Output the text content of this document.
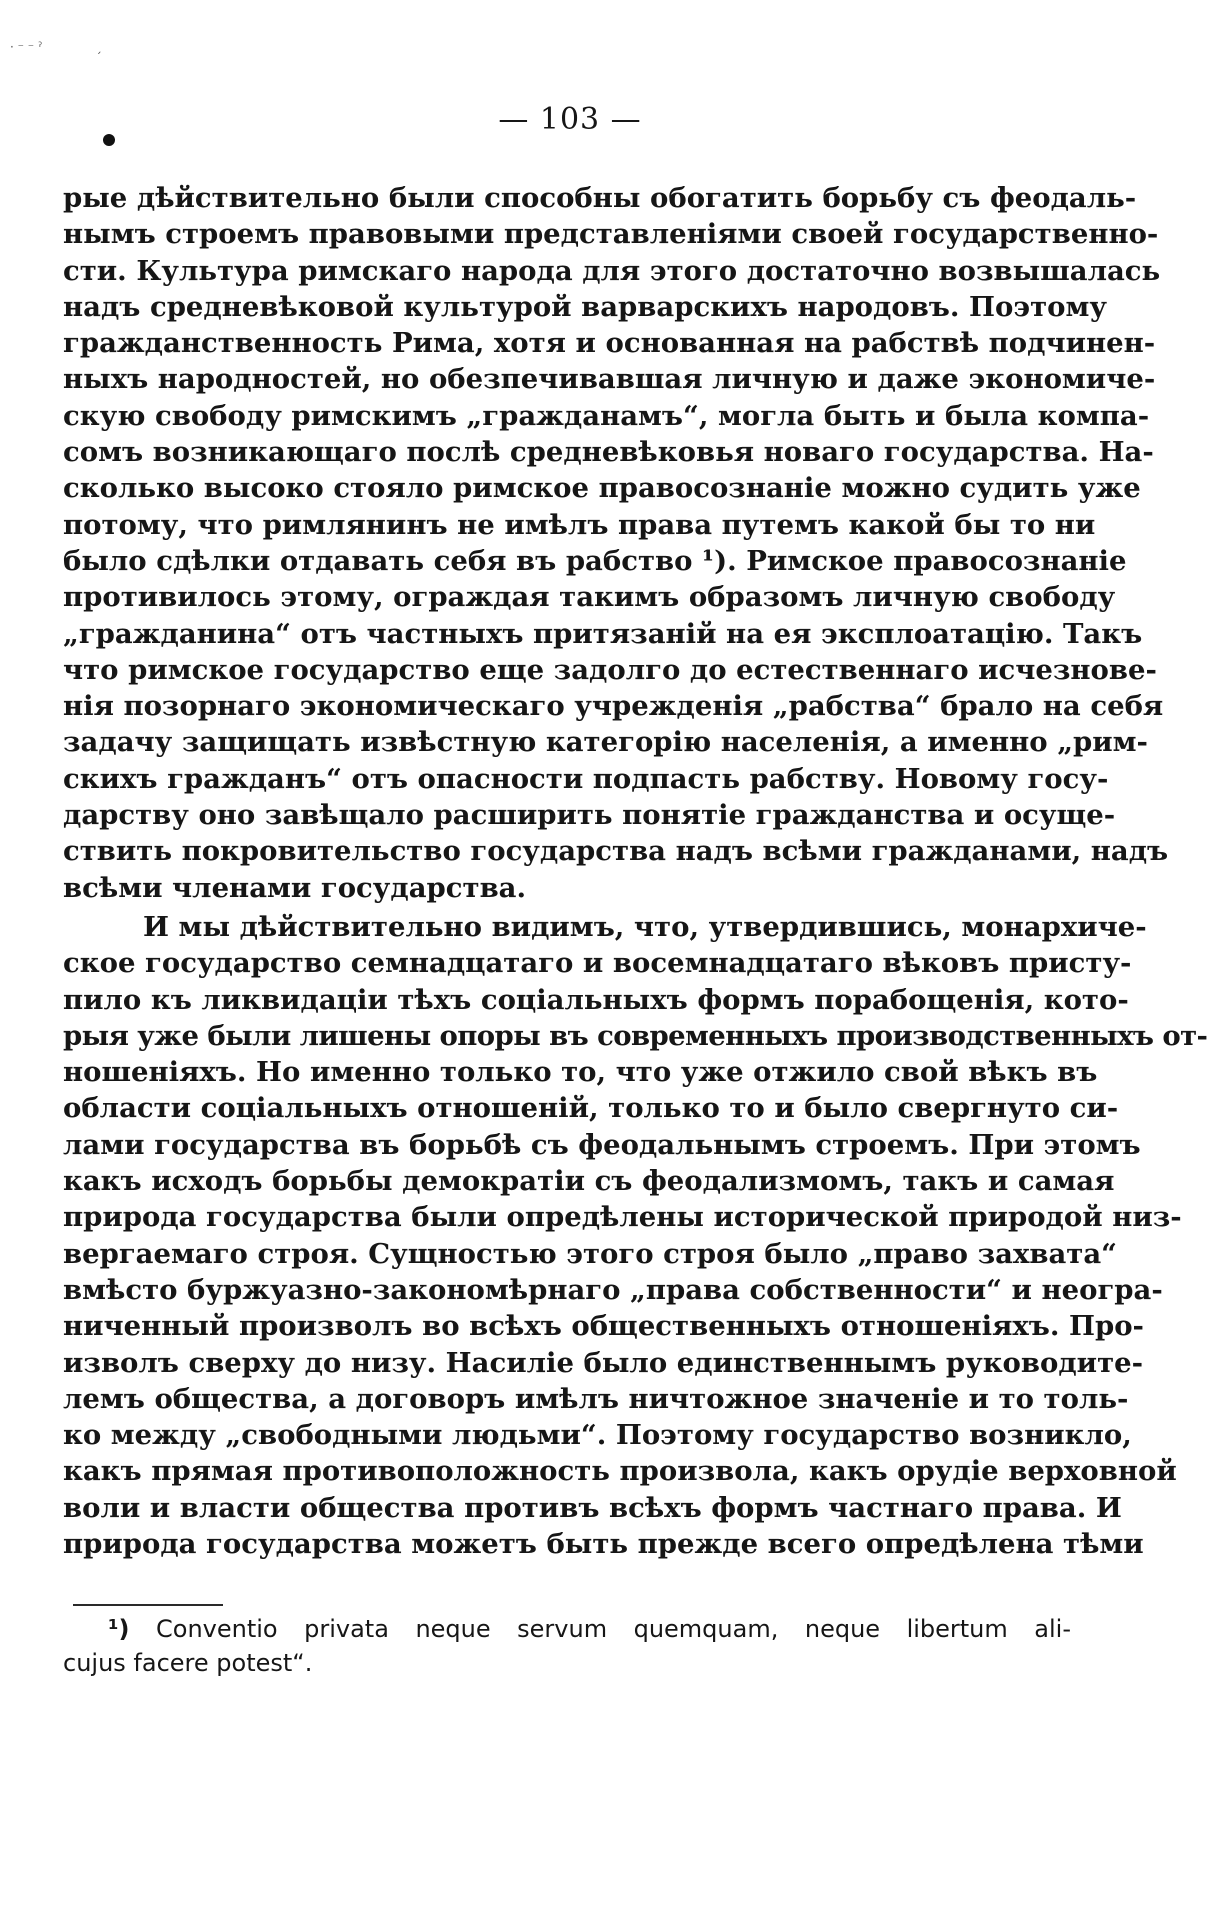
· ⁻ ⁻ ˀ              ˏ
— 103 —
рые дѣйствительно были способны обогатить борьбу съ феодаль-
нымъ строемъ правовыми представленіями своей государственно-
сти. Культура римскаго народа для этого достаточно возвышалась
надъ средневѣковой культурой варварскихъ народовъ. Поэтому
гражданственность Рима, хотя и основанная на рабствѣ подчинен-
ныхъ народностей, но обезпечивавшая личную и даже экономиче-
скую свободу римскимъ „гражданамъ“, могла быть и была компа-
сомъ возникающаго послѣ средневѣковья новаго государства. На-
сколько высоко стояло римское правосознаніе можно судить уже
потому, что римлянинъ не имѣлъ права путемъ какой бы то ни
было сдѣлки отдавать себя въ рабство ¹). Римское правосознаніе
противилось этому, ограждая такимъ образомъ личную свободу
„гражданина“ отъ частныхъ притязаній на ея эксплоатацію. Такъ
что римское государство еще задолго до естественнаго исчезнове-
нія позорнаго экономическаго учрежденія „рабства“ брало на себя
задачу защищать извѣстную категорію населенія, а именно „рим-
скихъ гражданъ“ отъ опасности подпасть рабству. Новому госу-
дарству оно завѣщало расширить понятіе гражданства и осуще-
ствить покровительство государства надъ всѣми гражданами, надъ
всѣми членами государства.
И мы дѣйствительно видимъ, что, утвердившись, монархиче-
ское государство семнадцатаго и восемнадцатаго вѣковъ присту-
пило къ ликвидаціи тѣхъ соціальныхъ формъ порабощенія, кото-
рыя уже были лишены опоры въ современныхъ производственныхъ от-
ношеніяхъ. Но именно только то, что уже отжило свой вѣкъ въ
области соціальныхъ отношеній, только то и было свергнуто си-
лами государства въ борьбѣ съ феодальнымъ строемъ. При этомъ
какъ исходъ борьбы демократіи съ феодализмомъ, такъ и самая
природа государства были опредѣлены исторической природой низ-
вергаемаго строя. Сущностью этого строя было „право захвата“
вмѣсто буржуазно-закономѣрнаго „права собственности“ и неогра-
ниченный произволъ во всѣхъ общественныхъ отношеніяхъ. Про-
изволъ сверху до низу. Насиліе было единственнымъ руководите-
лемъ общества, а договоръ имѣлъ ничтожное значеніе и то толь-
ко между „свободными людьми“. Поэтому государство возникло,
какъ прямая противоположность произвола, какъ орудіе верховной
воли и власти общества противъ всѣхъ формъ частнаго права. И
природа государства можетъ быть прежде всего опредѣлена тѣми
¹) Conventio privata neque servum quemquam, neque libertum ali-
cujus facere potest“.
